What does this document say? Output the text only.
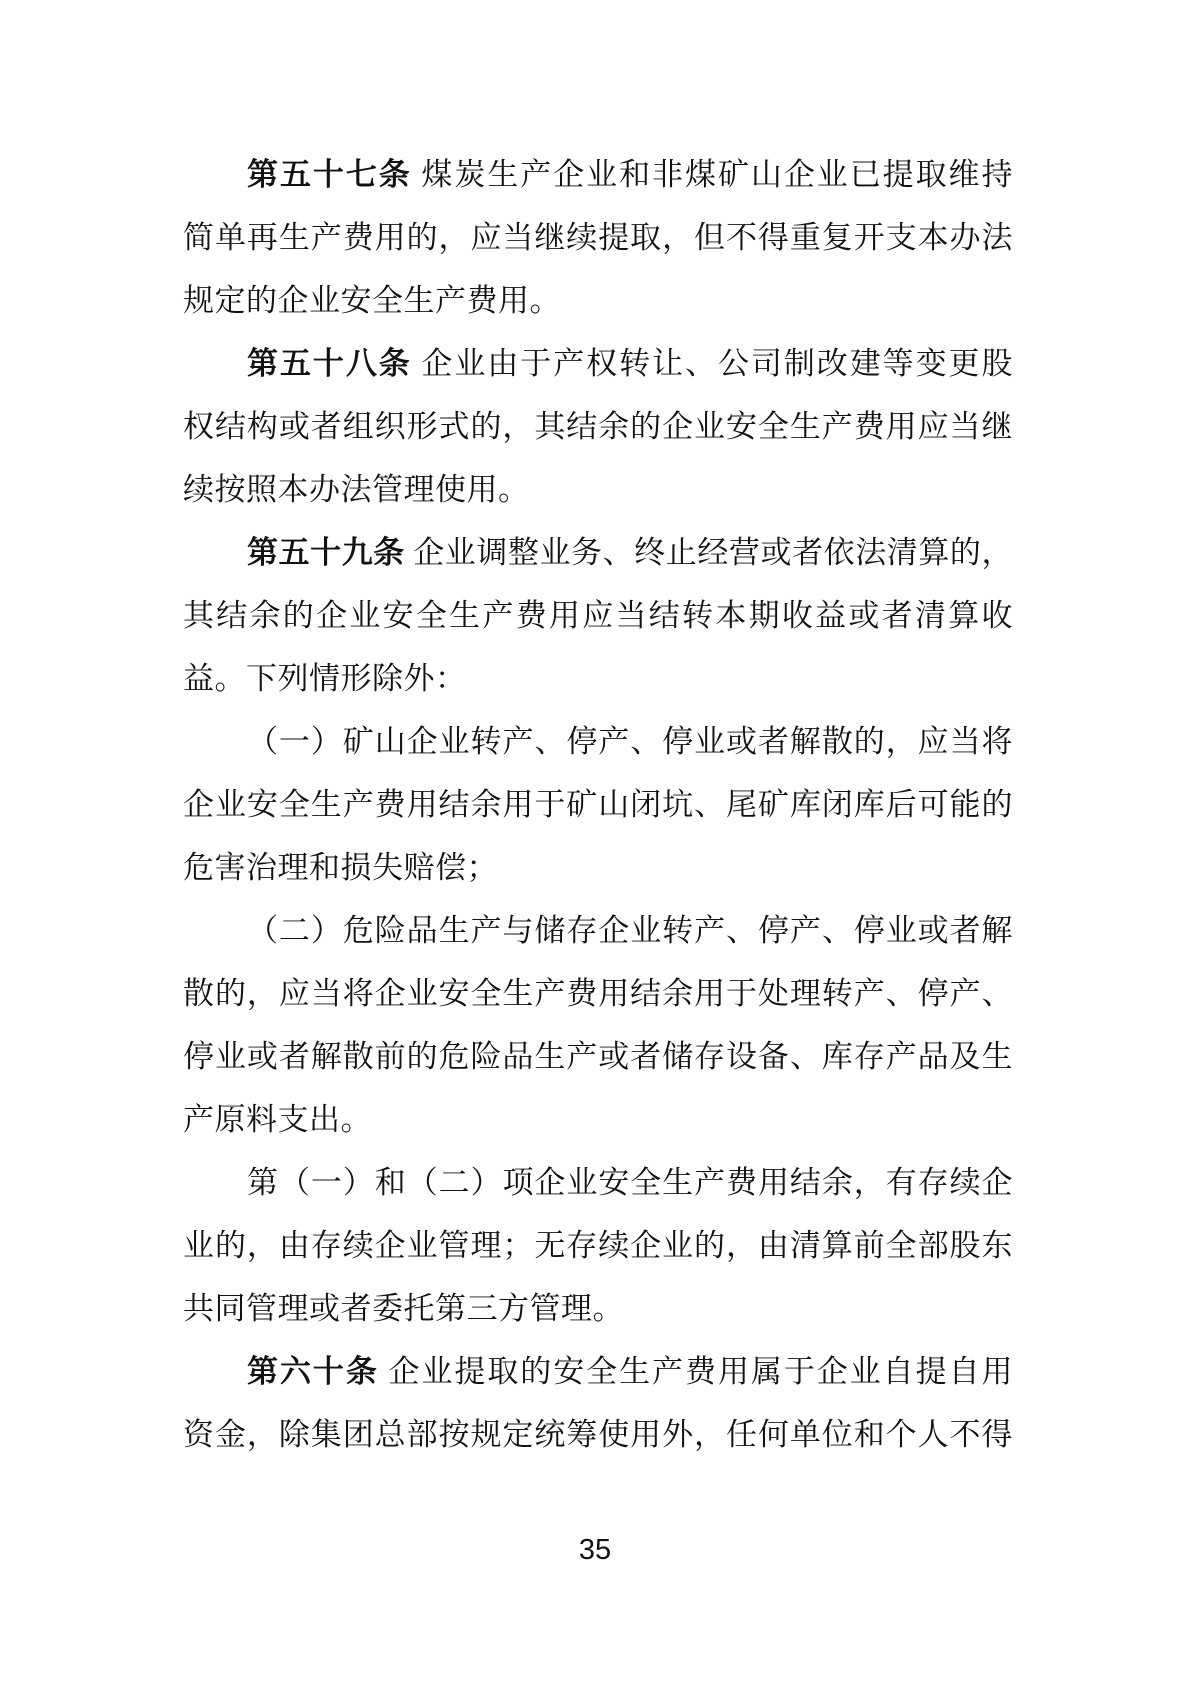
第五十七条 煤炭生产企业和非煤矿山企业已提取维持
简单再生产费用的，应当继续提取，但不得重复开支本办法
规定的企业安全生产费用。
第五十八条 企业由于产权转让、公司制改建等变更股
权结构或者组织形式的，其结余的企业安全生产费用应当继
续按照本办法管理使用。
第五十九条 企业调整业务、终止经营或者依法清算的，
其结余的企业安全生产费用应当结转本期收益或者清算收
益。下列情形除外：
（一）矿山企业转产、停产、停业或者解散的，应当将
企业安全生产费用结余用于矿山闭坑、尾矿库闭库后可能的
危害治理和损失赔偿；
（二）危险品生产与储存企业转产、停产、停业或者解
散的，应当将企业安全生产费用结余用于处理转产、停产、
停业或者解散前的危险品生产或者储存设备、库存产品及生
产原料支出。
第（一）和（二）项企业安全生产费用结余，有存续企
业的，由存续企业管理；无存续企业的，由清算前全部股东
共同管理或者委托第三方管理。
第六十条 企业提取的安全生产费用属于企业自提自用
资金，除集团总部按规定统筹使用外，任何单位和个人不得
35
